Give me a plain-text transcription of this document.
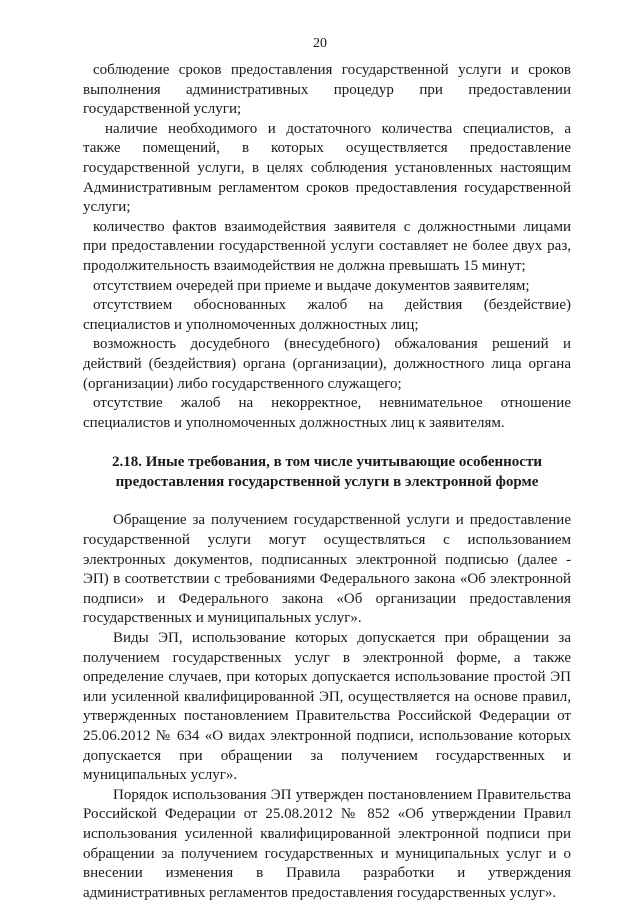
20

соблюдение сроков предоставления государственной услуги и сроков выполнения административных процедур при предоставлении государственной услуги;

наличие необходимого и достаточного количества специалистов, а также помещений, в которых осуществляется предоставление государственной услуги, в целях соблюдения установленных настоящим Административным регламентом сроков предоставления государственной услуги;

количество фактов взаимодействия заявителя с должностными лицами при предоставлении государственной услуги составляет не более двух раз, продолжительность взаимодействия не должна превышать 15 минут;

отсутствием очередей при приеме и выдаче документов заявителям;

отсутствием обоснованных жалоб на действия (бездействие) специалистов и уполномоченных должностных лиц;

возможность досудебного (внесудебного) обжалования решений и действий (бездействия) органа (организации), должностного лица органа (организации) либо государственного служащего;

отсутствие жалоб на некорректное, невнимательное отношение специалистов и уполномоченных должностных лиц к заявителям.

2.18. Иные требования, в том числе учитывающие особенности
предоставления государственной услуги в электронной форме

Обращение за получением государственной услуги и предоставление государственной услуги могут осуществляться с использованием электронных документов, подписанных электронной подписью (далее - ЭП) в соответствии с требованиями Федерального закона «Об электронной подписи» и Федерального закона «Об организации предоставления государственных и муниципальных услуг».

Виды ЭП, использование которых допускается при обращении за получением государственных услуг в электронной форме, а также определение случаев, при которых допускается использование простой ЭП или усиленной квалифицированной ЭП, осуществляется на основе правил, утвержденных постановлением Правительства Российской Федерации от 25.06.2012 № 634 «О видах электронной подписи, использование которых допускается при обращении за получением государственных и муниципальных услуг».

Порядок использования ЭП утвержден постановлением Правительства Российской Федерации от 25.08.2012 № 852 «Об утверждении Правил использования усиленной квалифицированной электронной подписи при обращении за получением государственных и муниципальных услуг и о внесении изменения в Правила разработки и утверждения административных регламентов предоставления государственных услуг».
